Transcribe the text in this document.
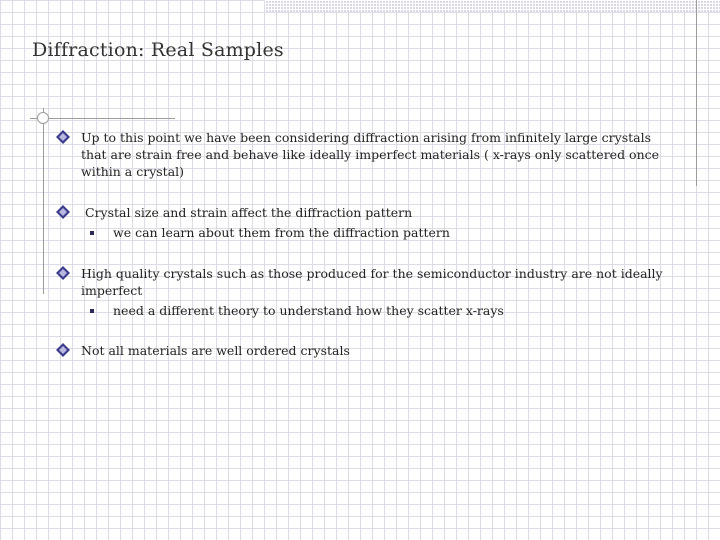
Diffraction: Real Samples
Up to this point we have been considering diffraction arising from infinitely large crystals that are strain free and behave like ideally imperfect materials ( x-rays only scattered once within a crystal)
Crystal size and strain affect the diffraction pattern
we can learn about them from the diffraction pattern
High quality crystals such as those produced for the semiconductor industry are not ideally imperfect
need a different theory to understand how they scatter x-rays
Not all materials are well ordered crystals
